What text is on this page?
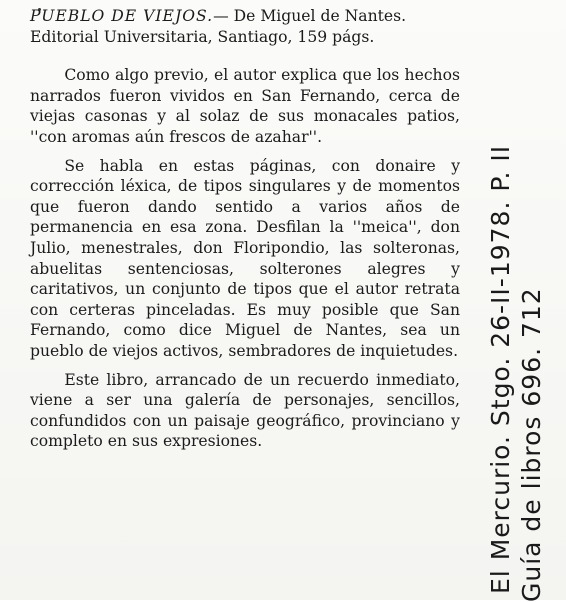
PUEBLO DE VIEJOS.— De Miguel de Nantes. Editorial Universitaria, Santiago, 159 págs.

Como algo previo, el autor explica que los hechos narrados fueron vividos en San Fernando, cerca de viejas casonas y al solaz de sus monacales patios, ''con aromas aún frescos de azahar''.

Se habla en estas páginas, con donaire y corrección léxica, de tipos singulares y de momentos que fueron dando sentido a varios años de permanencia en esa zona. Desfilan la ''meica'', don Julio, menestrales, don Floripondio, las solteronas, abuelitas sentenciosas, solterones alegres y caritativos, un conjunto de tipos que el autor retrata con certeras pinceladas. Es muy posible que San Fernando, como dice Miguel de Nantes, sea un pueblo de viejos activos, sembradores de inquietudes.

Este libro, arrancado de un recuerdo inmediato, viene a ser una galería de personajes, sencillos, confundidos con un paisaje geográfico, provinciano y completo en sus expresiones.	El Mercurio. Stgo. 26-II-1978. P. II Guía de libros 696. 712
